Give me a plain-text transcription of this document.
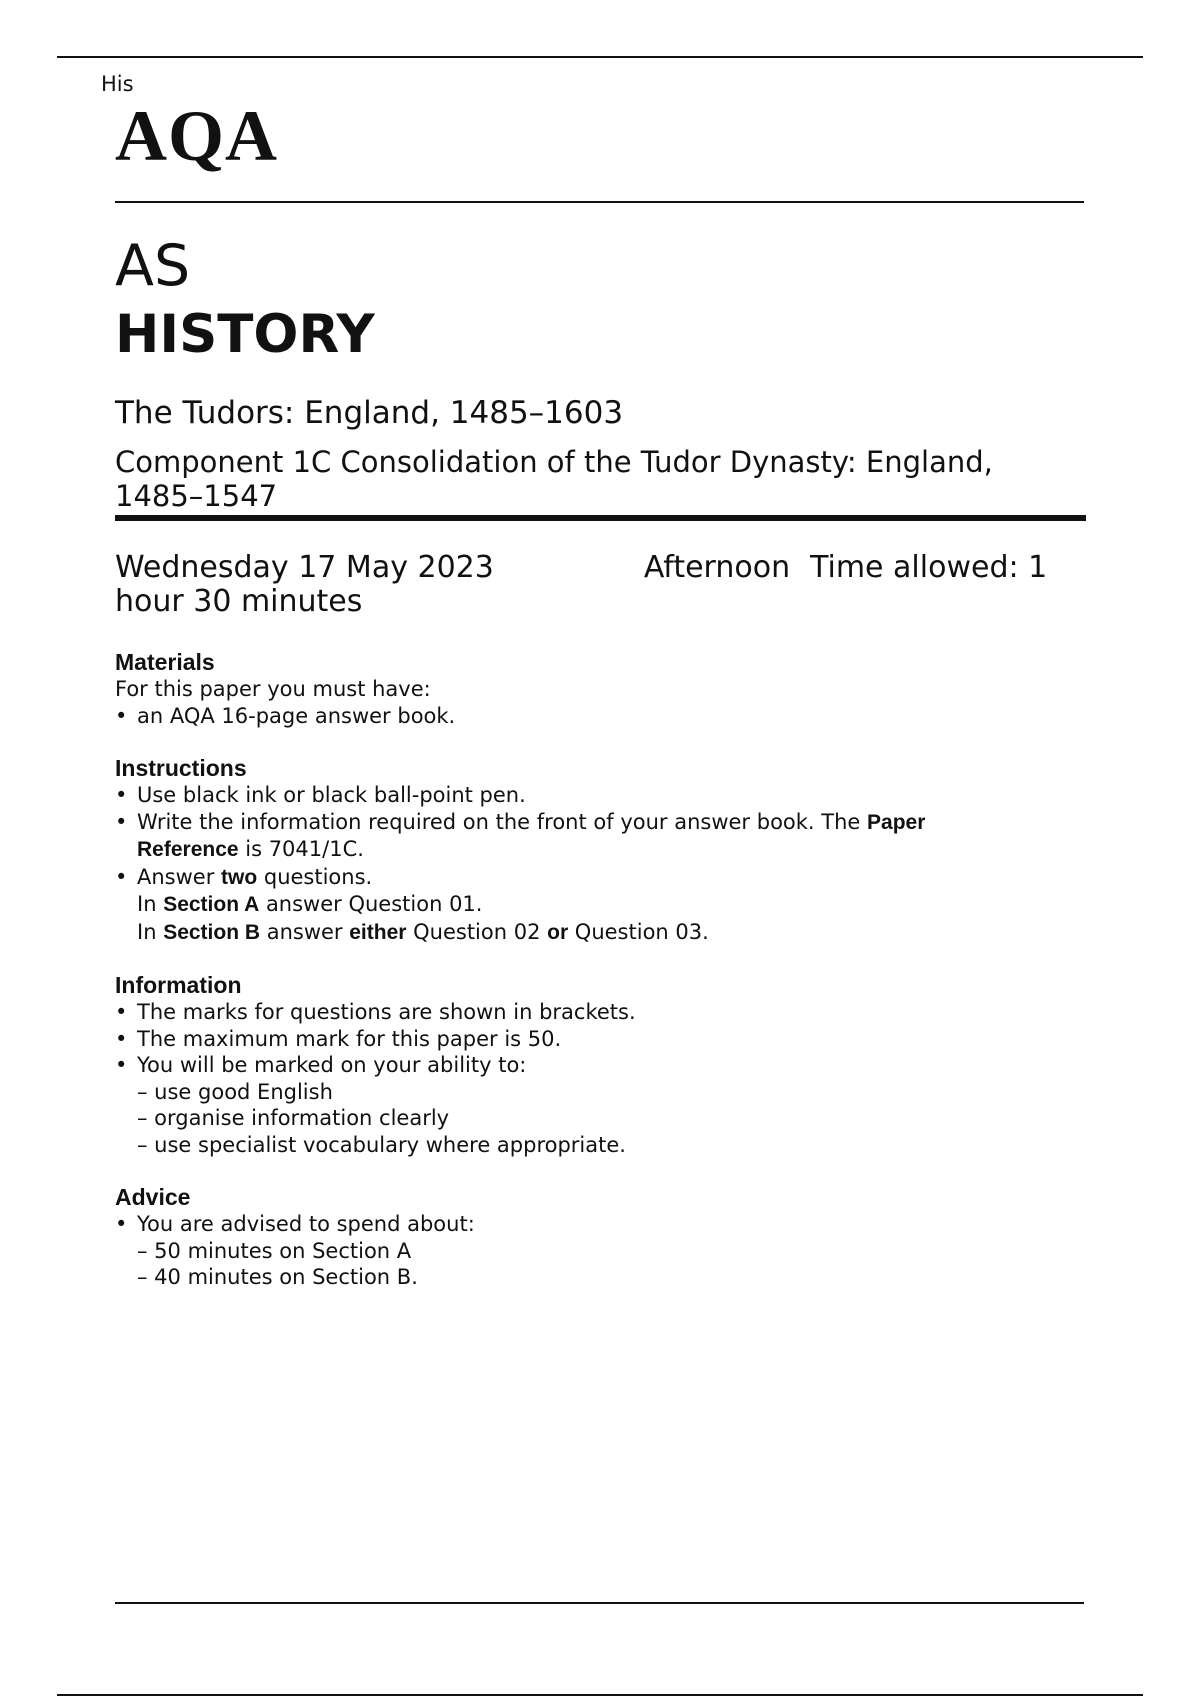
His
AQA
AS
HISTORY
The Tudors: England, 1485–1603
Component 1C Consolidation of the Tudor Dynasty: England, 1485–1547
Wednesday 17 May 2023	Afternoon Time allowed: 1
hour 30 minutes
Materials
For this paper you must have:
• an AQA 16-page answer book.
Instructions
• Use black ink or black ball-point pen.
• Write the information required on the front of your answer book. The Paper
Reference is 7041/1C.
• Answer two questions.
In Section A answer Question 01.
In Section B answer either Question 02 or Question 03.
Information
• The marks for questions are shown in brackets.
• The maximum mark for this paper is 50.
• You will be marked on your ability to:
– use good English
– organise information clearly
– use specialist vocabulary where appropriate.
Advice
• You are advised to spend about:
– 50 minutes on Section A
– 40 minutes on Section B.
